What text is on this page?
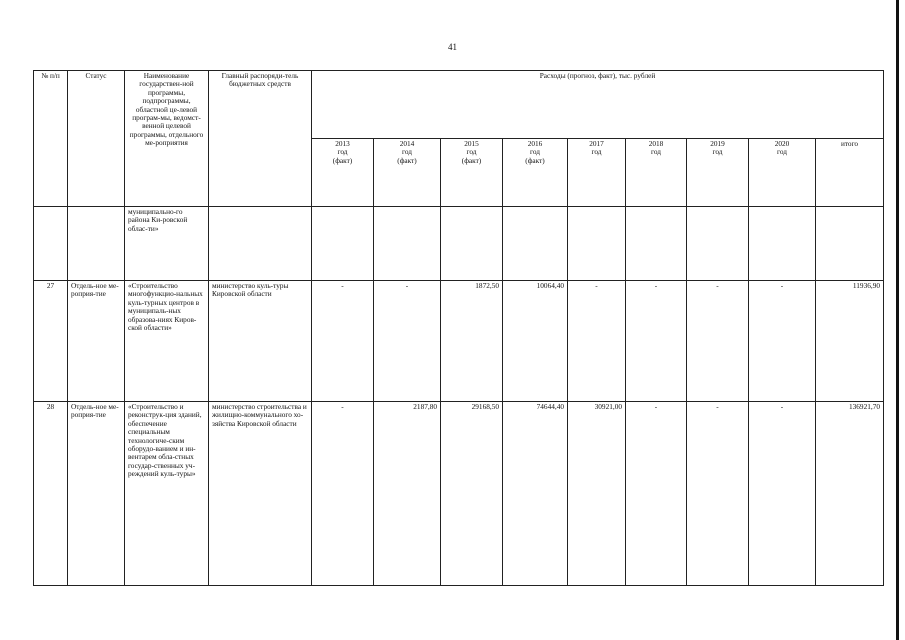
41
№ п/п	Статус	Наименование государствен-ной программы, подпрограммы, областной це-левой програм-мы, ведомст-венной целевой программы, отдельного ме-роприятия	Главный распоряди-тель бюджетных средств	Расходы (прогноз, факт), тыс. рублей								

				2013
год
(факт)	2014
год
(факт)	2015
год
(факт)	2016
год
(факт)	2017
год	2018
год	2019
год	2020
год	итого
		муниципально-го района Ки-ровской облас-ти»										
27	Отдель-ное ме-роприя-тие	«Строительство многофункцио-нальных куль-турных центров в муниципаль-ных образова-ниях Киров-ской области»	министерство куль-туры Кировской области	-	-	1872,50	10064,40	-	-	-	-	11936,90
28	Отдель-ное ме-роприя-тие	«Строительство и реконструк-ция зданий, обеспечение специальным технологиче-ским оборудо-ванием и ин-вентарем обла-стных государ-ственных уч-реждений куль-туры»	министерство строительства и жилищно-коммунального хо-зяйства Кировской области	-	2187,80	29168,50	74644,40	30921,00	-	-	-	136921,70
